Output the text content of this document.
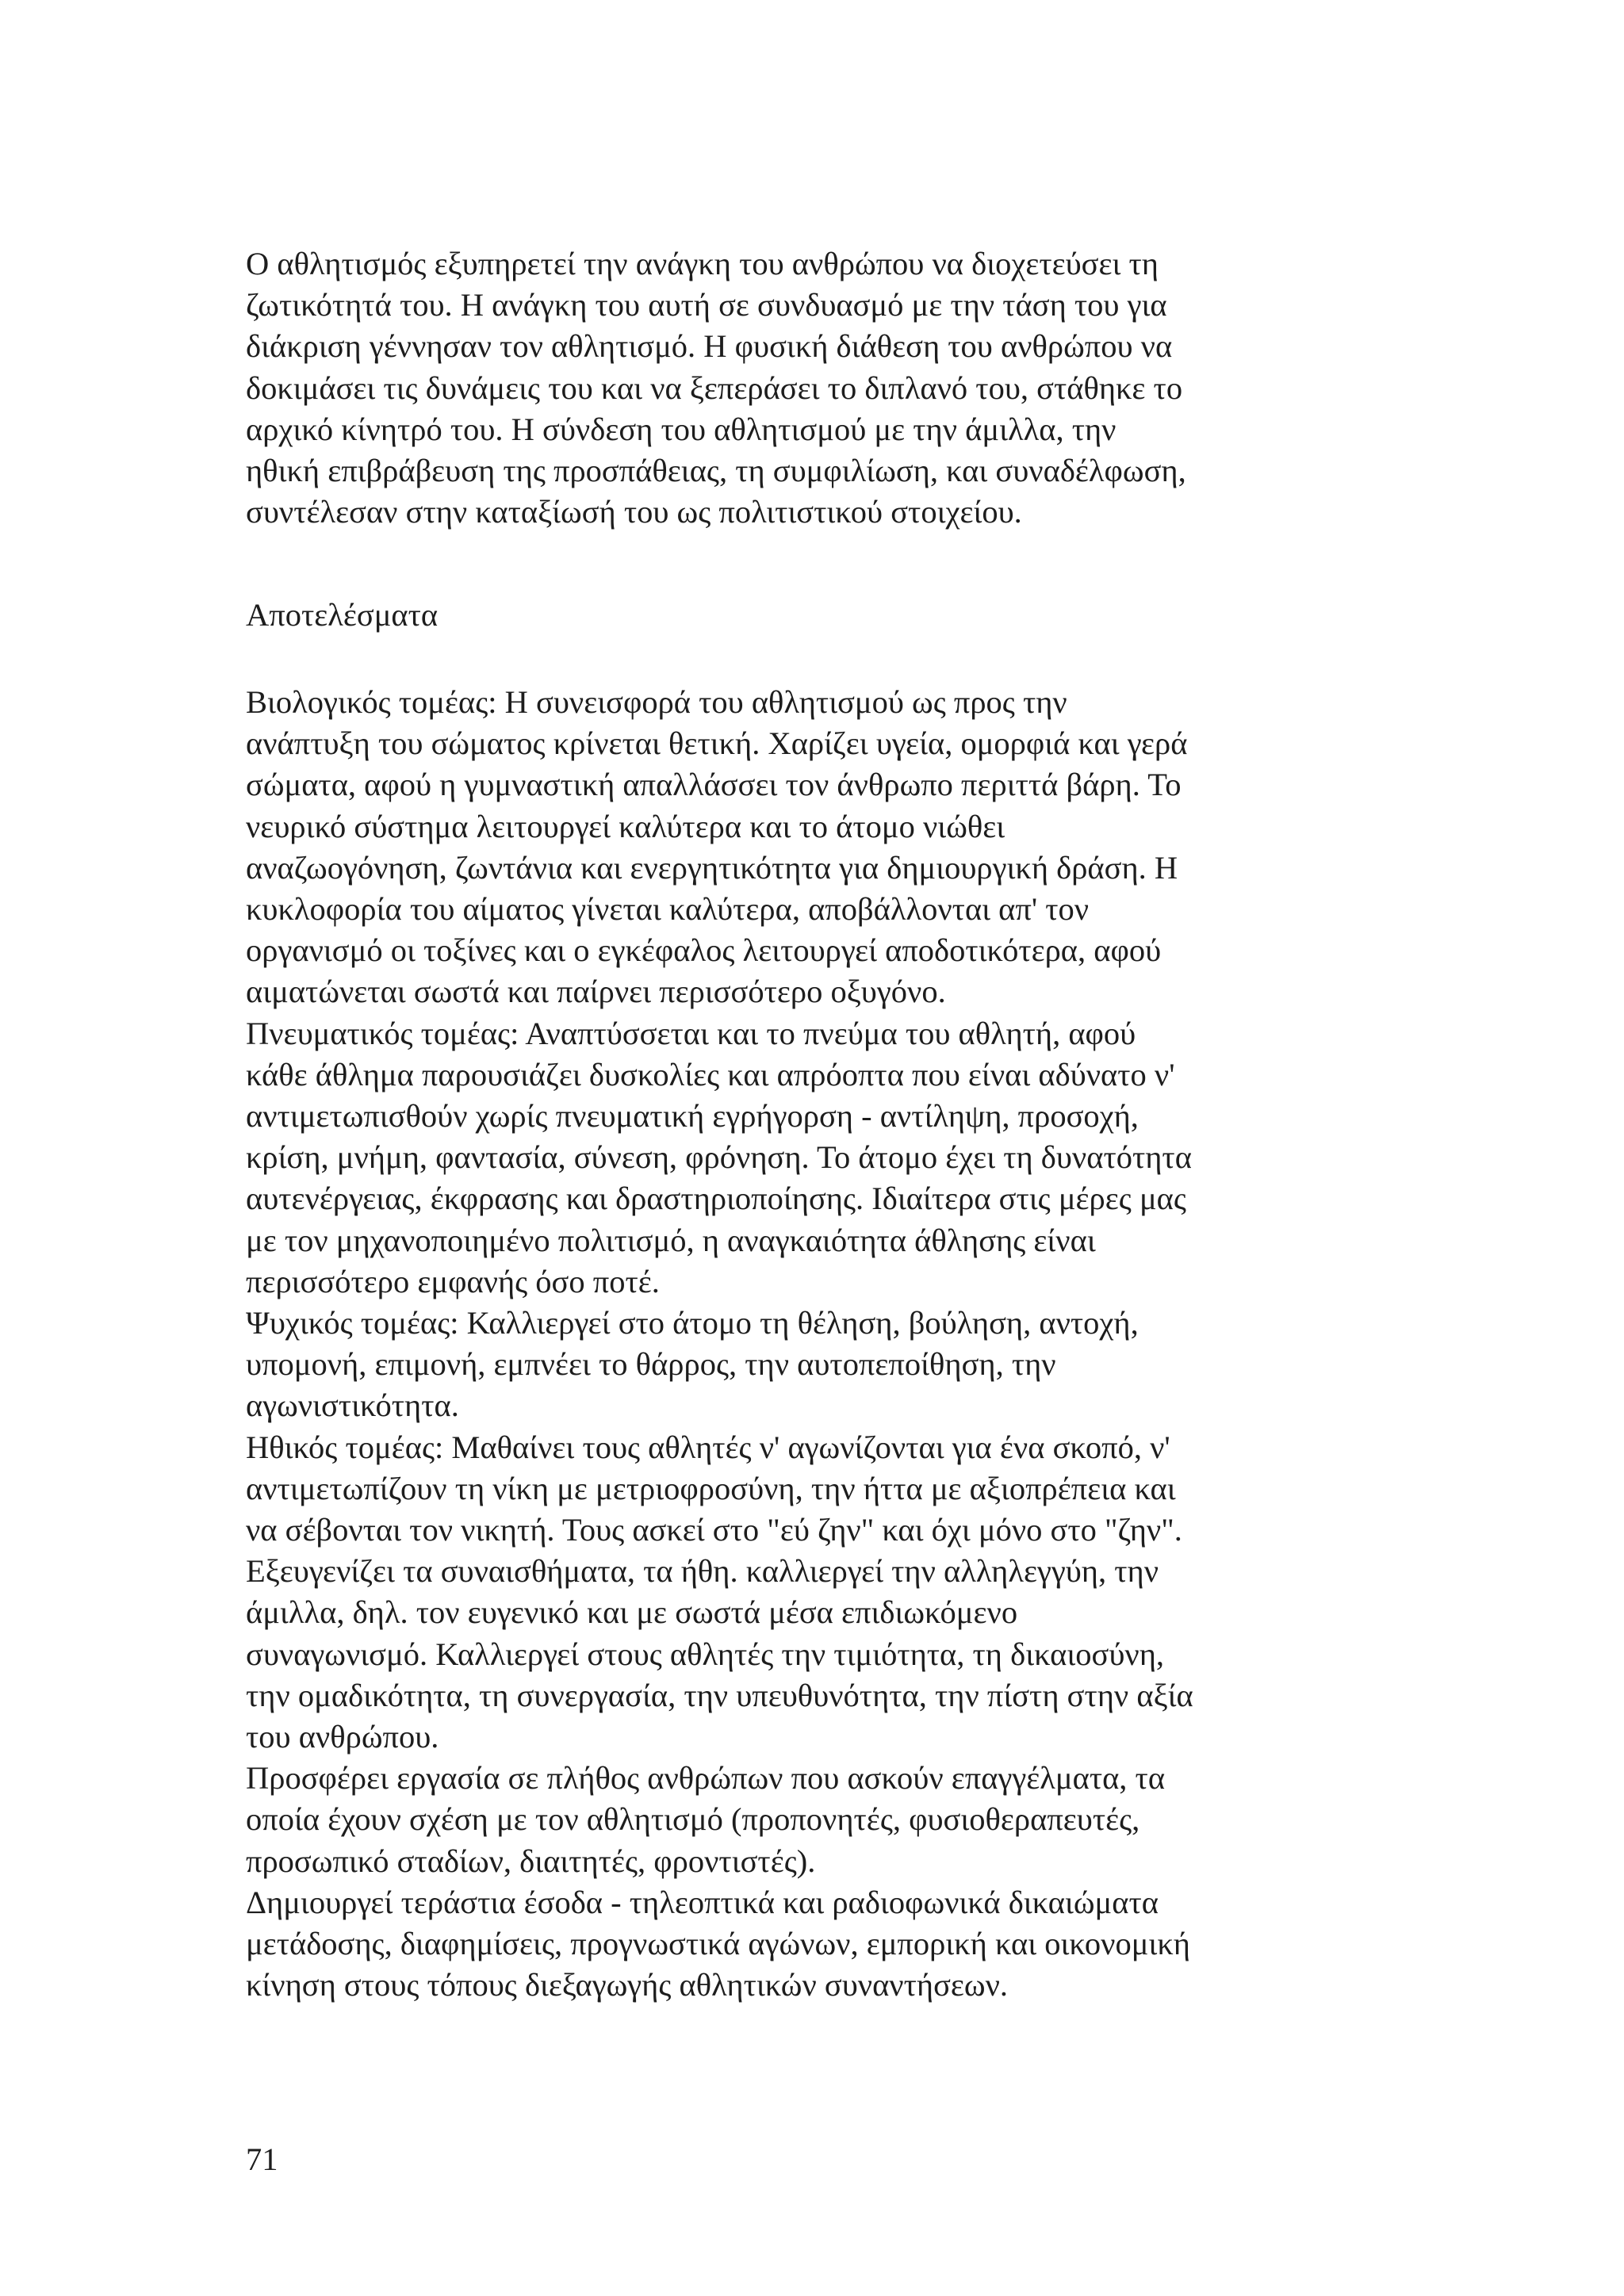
Ο αθλητισμός εξυπηρετεί την ανάγκη του ανθρώπου να διοχετεύσει τη
ζωτικότητά του. Η ανάγκη του αυτή σε συνδυασμό με την τάση του για
διάκριση γέννησαν τον αθλητισμό. Η φυσική διάθεση του ανθρώπου να
δοκιμάσει τις δυνάμεις του και να ξεπεράσει το διπλανό του, στάθηκε το
αρχικό κίνητρό του. Η σύνδεση του αθλητισμού με την άμιλλα, την
ηθική επιβράβευση της προσπάθειας, τη συμφιλίωση, και συναδέλφωση,
συντέλεσαν στην καταξίωσή του ως πολιτιστικού στοιχείου.
Αποτελέσματα
Βιολογικός τομέας: Η συνεισφορά του αθλητισμού ως προς την
ανάπτυξη του σώματος κρίνεται θετική. Χαρίζει υγεία, ομορφιά και γερά
σώματα, αφού η γυμναστική απαλλάσσει τον άνθρωπο περιττά βάρη. Το
νευρικό σύστημα λειτουργεί καλύτερα και το άτομο νιώθει
αναζωογόνηση, ζωντάνια και ενεργητικότητα για δημιουργική δράση. Η
κυκλοφορία του αίματος γίνεται καλύτερα, αποβάλλονται απ' τον
οργανισμό οι τοξίνες και ο εγκέφαλος λειτουργεί αποδοτικότερα, αφού
αιματώνεται σωστά και παίρνει περισσότερο οξυγόνο.
Πνευματικός τομέας: Αναπτύσσεται και το πνεύμα του αθλητή, αφού
κάθε άθλημα παρουσιάζει δυσκολίες και απρόοπτα που είναι αδύνατο ν'
αντιμετωπισθούν χωρίς πνευματική εγρήγορση - αντίληψη, προσοχή,
κρίση, μνήμη, φαντασία, σύνεση, φρόνηση. Το άτομο έχει τη δυνατότητα
αυτενέργειας, έκφρασης και δραστηριοποίησης. Ιδιαίτερα στις μέρες μας
με τον μηχανοποιημένο πολιτισμό, η αναγκαιότητα άθλησης είναι
περισσότερο εμφανής όσο ποτέ.
Ψυχικός τομέας: Καλλιεργεί στο άτομο τη θέληση, βούληση, αντοχή,
υπομονή, επιμονή, εμπνέει το θάρρος, την αυτοπεποίθηση, την
αγωνιστικότητα.
Ηθικός τομέας: Μαθαίνει τους αθλητές ν' αγωνίζονται για ένα σκοπό, ν'
αντιμετωπίζουν τη νίκη με μετριοφροσύνη, την ήττα με αξιοπρέπεια και
να σέβονται τον νικητή. Τους ασκεί στο "εύ ζην" και όχι μόνο στο "ζην".
Εξευγενίζει τα συναισθήματα, τα ήθη. καλλιεργεί την αλληλεγγύη, την
άμιλλα, δηλ. τον ευγενικό και με σωστά μέσα επιδιωκόμενο
συναγωνισμό. Καλλιεργεί στους αθλητές την τιμιότητα, τη δικαιοσύνη,
την ομαδικότητα, τη συνεργασία, την υπευθυνότητα, την πίστη στην αξία
του ανθρώπου.
Προσφέρει εργασία σε πλήθος ανθρώπων που ασκούν επαγγέλματα, τα
οποία έχουν σχέση με τον αθλητισμό (προπονητές, φυσιοθεραπευτές,
προσωπικό σταδίων, διαιτητές, φροντιστές).
Δημιουργεί τεράστια έσοδα - τηλεοπτικά και ραδιοφωνικά δικαιώματα
μετάδοσης, διαφημίσεις, προγνωστικά αγώνων, εμπορική και οικονομική
κίνηση στους τόπους διεξαγωγής αθλητικών συναντήσεων.
71
